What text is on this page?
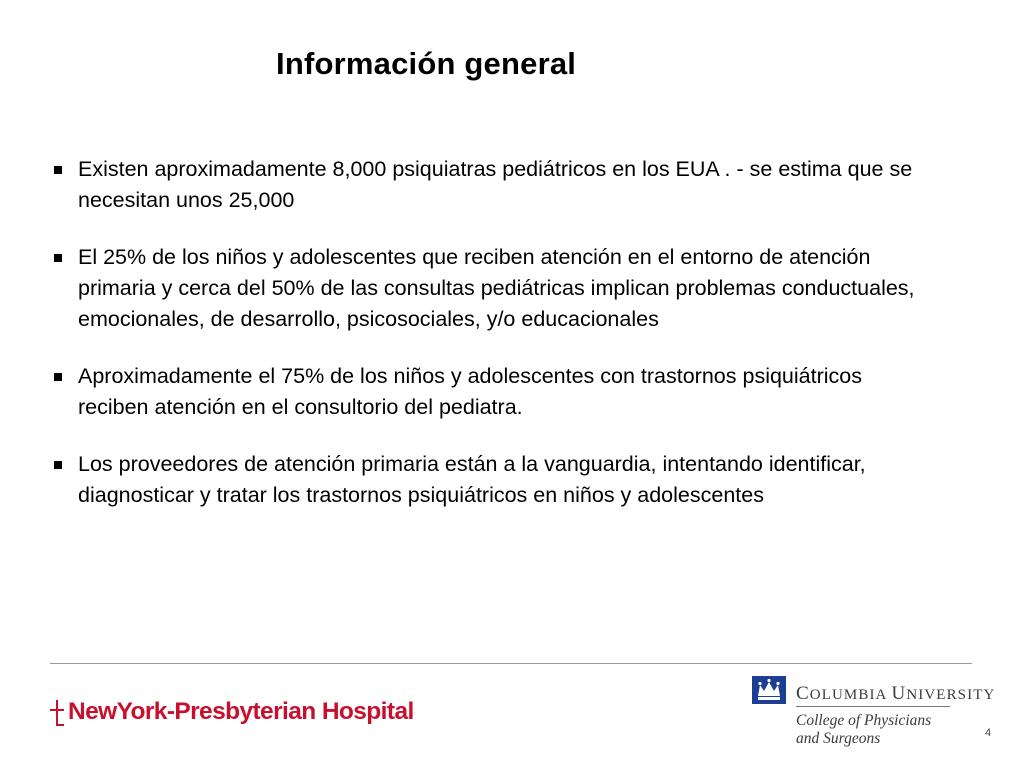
Información general
Existen aproximadamente 8,000 psiquiatras pediátricos en los EUA . - se estima que se necesitan unos 25,000
El 25% de los niños y adolescentes que reciben atención en el entorno de atención primaria y cerca del 50% de las consultas pediátricas implican problemas conductuales, emocionales, de desarrollo, psicosociales, y/o educacionales
Aproximadamente el 75% de los niños y adolescentes con trastornos psiquiátricos reciben atención en el consultorio del pediatra.
Los proveedores de atención primaria están a la vanguardia, intentando identificar, diagnosticar y tratar los trastornos psiquiátricos en niños y adolescentes
NewYork-Presbyterian Hospital
COLUMBIA UNIVERSITY
College of Physicians
and Surgeons	4
